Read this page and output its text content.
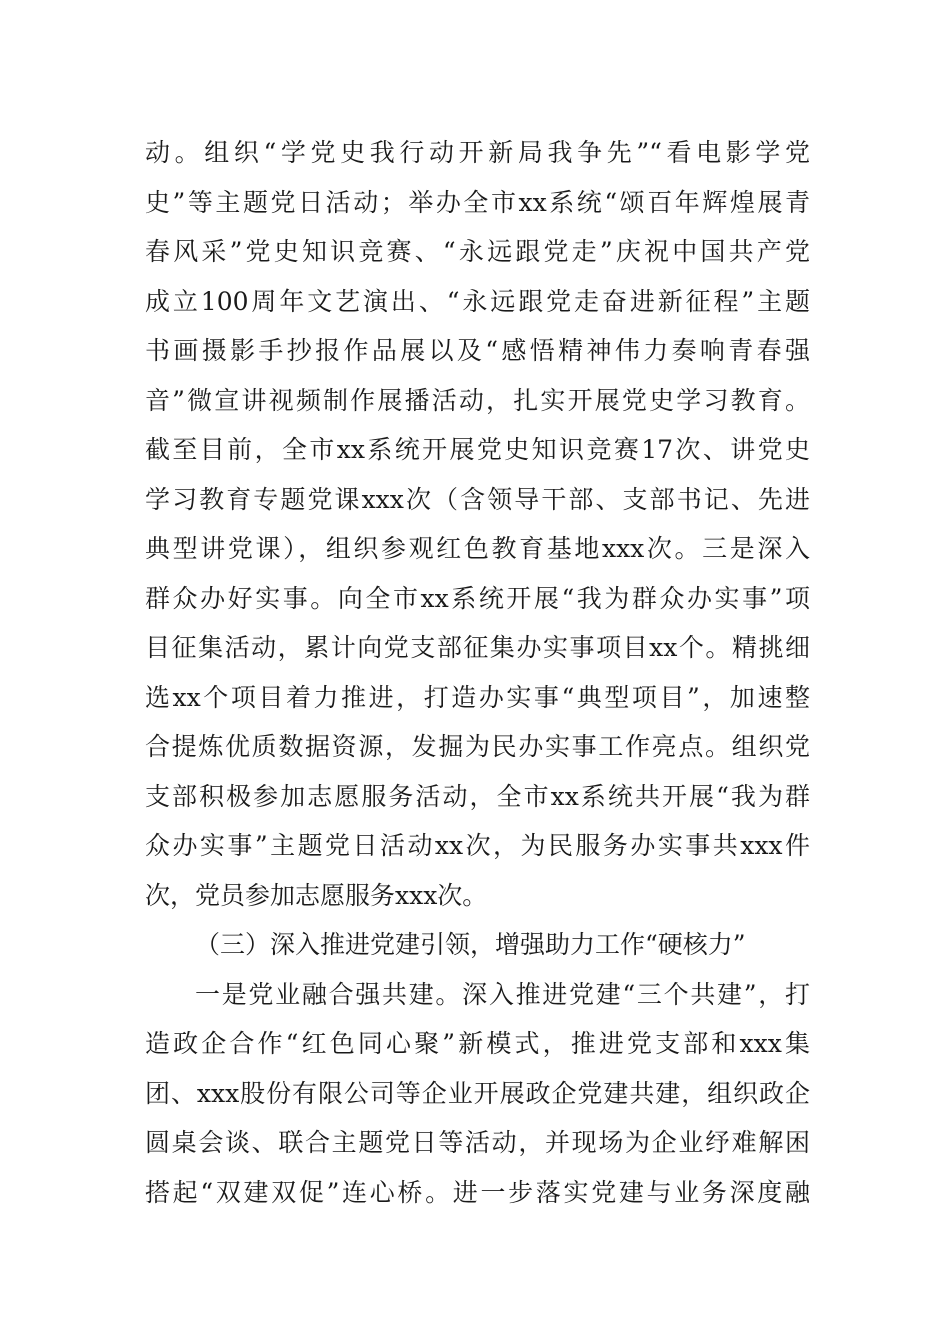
动。组织“学党史我行动开新局我争先”“看电影学党
史”等主题党日活动；举办全市xx系统“颂百年辉煌展青
春风采”党史知识竞赛、“永远跟党走”庆祝中国共产党
成立100周年文艺演出、“永远跟党走奋进新征程”主题
书画摄影手抄报作品展以及“感悟精神伟力奏响青春强
音”微宣讲视频制作展播活动，扎实开展党史学习教育。
截至目前，全市xx系统开展党史知识竞赛17次、讲党史
学习教育专题党课xxx次（含领导干部、支部书记、先进
典型讲党课），组织参观红色教育基地xxx次。三是深入
群众办好实事。向全市xx系统开展“我为群众办实事”项
目征集活动，累计向党支部征集办实事项目xx个。精挑细
选xx个项目着力推进，打造办实事“典型项目”，加速整
合提炼优质数据资源，发掘为民办实事工作亮点。组织党
支部积极参加志愿服务活动，全市xx系统共开展“我为群
众办实事”主题党日活动xx次，为民服务办实事共xxx件
次，党员参加志愿服务xxx次。
（三）深入推进党建引领，增强助力工作“硬核力”
一是党业融合强共建。深入推进党建“三个共建”，打
造政企合作“红色同心聚”新模式，推进党支部和xxx集
团、xxx股份有限公司等企业开展政企党建共建，组织政企
圆桌会谈、联合主题党日等活动，并现场为企业纾难解困
搭起“双建双促”连心桥。进一步落实党建与业务深度融
